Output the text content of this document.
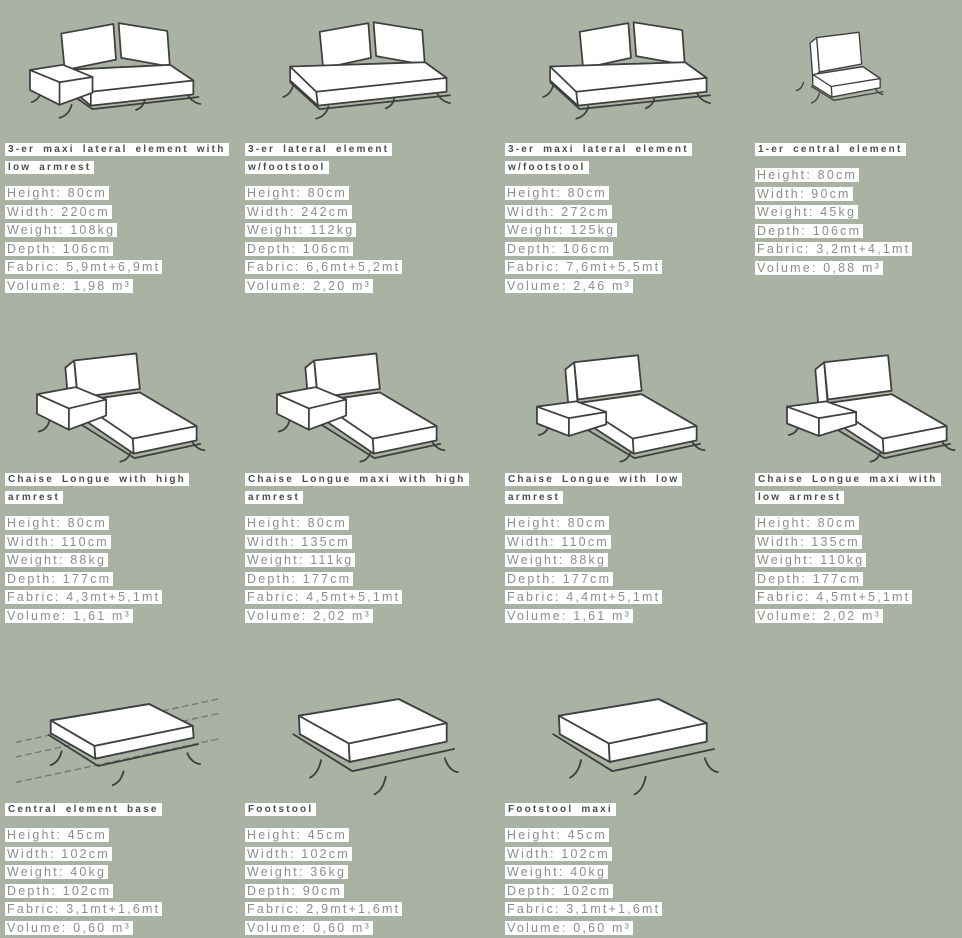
3-er maxi lateral element with low armrest
Height: 80cm
Width: 220cm
Weight: 108kg
Depth: 106cm
Fabric: 5,9mt+6,9mt
Volume: 1,98 m³
3-er lateral element w/footstool
Height: 80cm
Width: 242cm
Weight: 112kg
Depth: 106cm
Fabric: 6,6mt+5,2mt
Volume: 2,20 m³
3-er maxi lateral element w/footstool
Height: 80cm
Width: 272cm
Weight: 125kg
Depth: 106cm
Fabric: 7,6mt+5,5mt
Volume: 2,46 m³
1-er central element
Height: 80cm
Width: 90cm
Weight: 45kg
Depth: 106cm
Fabric: 3,2mt+4,1mt
Volume: 0,88 m³
Chaise Longue with high armrest
Height: 80cm
Width: 110cm
Weight: 88kg
Depth: 177cm
Fabric: 4,3mt+5,1mt
Volume: 1,61 m³
Chaise Longue maxi with high armrest
Height: 80cm
Width: 135cm
Weight: 111kg
Depth: 177cm
Fabric: 4,5mt+5,1mt
Volume: 2,02 m³
Chaise Longue with low armrest
Height: 80cm
Width: 110cm
Weight: 88kg
Depth: 177cm
Fabric: 4,4mt+5,1mt
Volume: 1,61 m³
Chaise Longue maxi with low armrest
Height: 80cm
Width: 135cm
Weight: 110kg
Depth: 177cm
Fabric: 4,5mt+5,1mt
Volume: 2,02 m³
Central element base
Height: 45cm
Width: 102cm
Weight: 40kg
Depth: 102cm
Fabric: 3,1mt+1,6mt
Volume: 0,60 m³
Footstool
Height: 45cm
Width: 102cm
Weight: 36kg
Depth: 90cm
Fabric: 2,9mt+1,6mt
Volume: 0,60 m³
Footstool maxi
Height: 45cm
Width: 102cm
Weight: 40kg
Depth: 102cm
Fabric: 3,1mt+1,6mt
Volume: 0,60 m³
